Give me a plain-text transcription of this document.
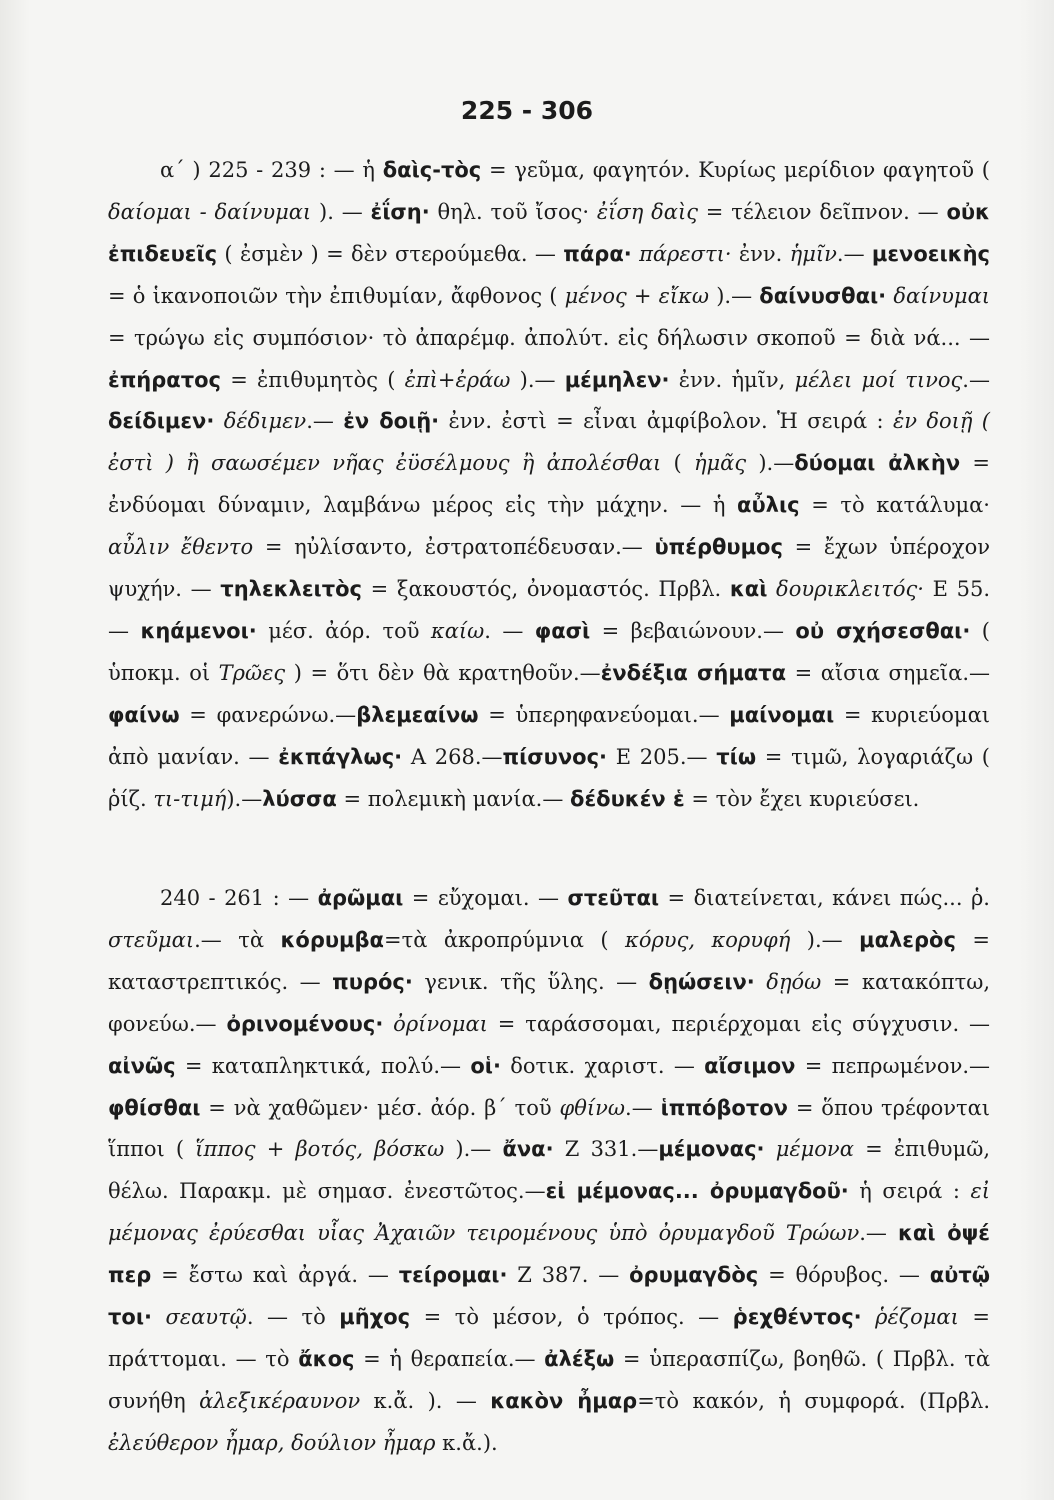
225 - 306

α΄ ) 225 - 239 : — ἡ δαὶς-τὸς = γεῦμα, φαγητόν. Κυρίως μερίδιον φαγητοῦ ( δαίομαι - δαίνυμαι ). — ἐΐση· θηλ. τοῦ ἴσος· ἐΐση δαὶς = τέλειον δεῖπνον. — οὐκ ἐπιδευεῖς ( ἐσμὲν ) = δὲν στερούμεθα. — πάρα· πάρεστι· ἐνν. ἡμῖν.— μενοεικὴς = ὁ ἱκανοποιῶν τὴν ἐπιθυμίαν, ἄφθονος ( μένος + εἴκω ).— δαίνυσθαι· δαίνυμαι = τρώγω εἰς συμπόσιον· τὸ ἀπαρέμφ. ἀπολύτ. εἰς δήλωσιν σκοποῦ = διὰ νά... — ἐπήρατος = ἐπιθυμητὸς ( ἐπὶ+ἐράω ).— μέμηλεν· ἐνν. ἡμῖν, μέλει μοί τινος.—δείδιμεν· δέδιμεν.— ἐν δοιῇ· ἐνν. ἐστὶ = εἶναι ἀμφίβολον. Ἡ σειρά : ἐν δοιῇ ( ἐστὶ ) ἢ σαωσέμεν νῆας ἐϋσέλμους ἢ ἀπολέσθαι ( ἡμᾶς ).—δύομαι ἀλκὴν = ἐνδύομαι δύναμιν, λαμβάνω μέρος εἰς τὴν μάχην. — ἡ αὖλις = τὸ κατάλυμα· αὖλιν ἔθεντο = ηὐλίσαντο, ἐστρατοπέδευσαν.— ὑπέρθυμος = ἔχων ὑπέροχον ψυχήν. — τηλεκλειτὸς = ξακουστός, ὀνομαστός. Πρβλ. καὶ δουρικλειτός· Ε 55.— κηάμενοι· μέσ. ἀόρ. τοῦ καίω. — φασὶ = βεβαιώνουν.— οὐ σχήσεσθαι· ( ὑποκμ. οἱ Τρῶες ) = ὅτι δὲν θὰ κρατηθοῦν.—ἐνδέξια σήματα = αἴσια σημεῖα.—φαίνω = φανερώνω.—βλεμεαίνω = ὑπερηφανεύομαι.— μαίνομαι = κυριεύομαι ἀπὸ μανίαν. — ἐκπάγλως· Α 268.—πίσυνος· Ε 205.— τίω = τιμῶ, λογαριάζω ( ῥίζ. τι-τιμή).—λύσσα = πολεμικὴ μανία.— δέδυκέν ἑ = τὸν ἔχει κυριεύσει.

240 - 261 : — ἀρῶμαι = εὔχομαι. — στεῦται = διατείνεται, κάνει πώς... ῥ. στεῦμαι.— τὰ κόρυμβα=τὰ ἀκροπρύμνια ( κόρυς, κορυφή ).— μαλερὸς = καταστρεπτικός. — πυρός· γενικ. τῆς ὕλης. — δῃώσειν· δῃόω = κατακόπτω, φονεύω.— ὀρινομένους· ὀρίνομαι = ταράσσομαι, περιέρχομαι εἰς σύγχυσιν. — αἰνῶς = καταπληκτικά, πολύ.— οἱ· δοτικ. χαριστ. — αἴσιμον = πεπρωμένον.— φθίσθαι = νὰ χαθῶμεν· μέσ. ἀόρ. β΄ τοῦ φθίνω.— ἱππόβοτον = ὅπου τρέφονται ἵπποι ( ἵππος + βοτός, βόσκω ).— ἄνα· Ζ 331.—μέμονας· μέμονα = ἐπιθυμῶ, θέλω. Παρακμ. μὲ σημασ. ἐνεστῶτος.—εἰ μέμονας... ὀρυμαγδοῦ· ἡ σειρά : εἰ μέμονας ἐρύεσθαι υἷας Ἀχαιῶν τειρομένους ὑπὸ ὀρυμαγδοῦ Τρώων.— καὶ ὀψέ περ = ἔστω καὶ ἀργά. — τείρομαι· Ζ 387. — ὀρυμαγδὸς = θόρυβος. — αὐτῷ τοι· σεαυτῷ. — τὸ μῆχος = τὸ μέσον, ὁ τρόπος. — ῥεχθέντος· ῥέζομαι = πράττομαι. — τὸ ἄκος = ἡ θεραπεία.— ἀλέξω = ὑπερασπίζω, βοηθῶ. ( Πρβλ. τὰ συνήθη ἀλεξικέραυνον κ.ἄ. ). — κακὸν ἦμαρ=τὸ κακόν, ἡ συμφορά. (Πρβλ. ἐλεύθερον ἦμαρ, δούλιον ἦμαρ κ.ἄ.).
